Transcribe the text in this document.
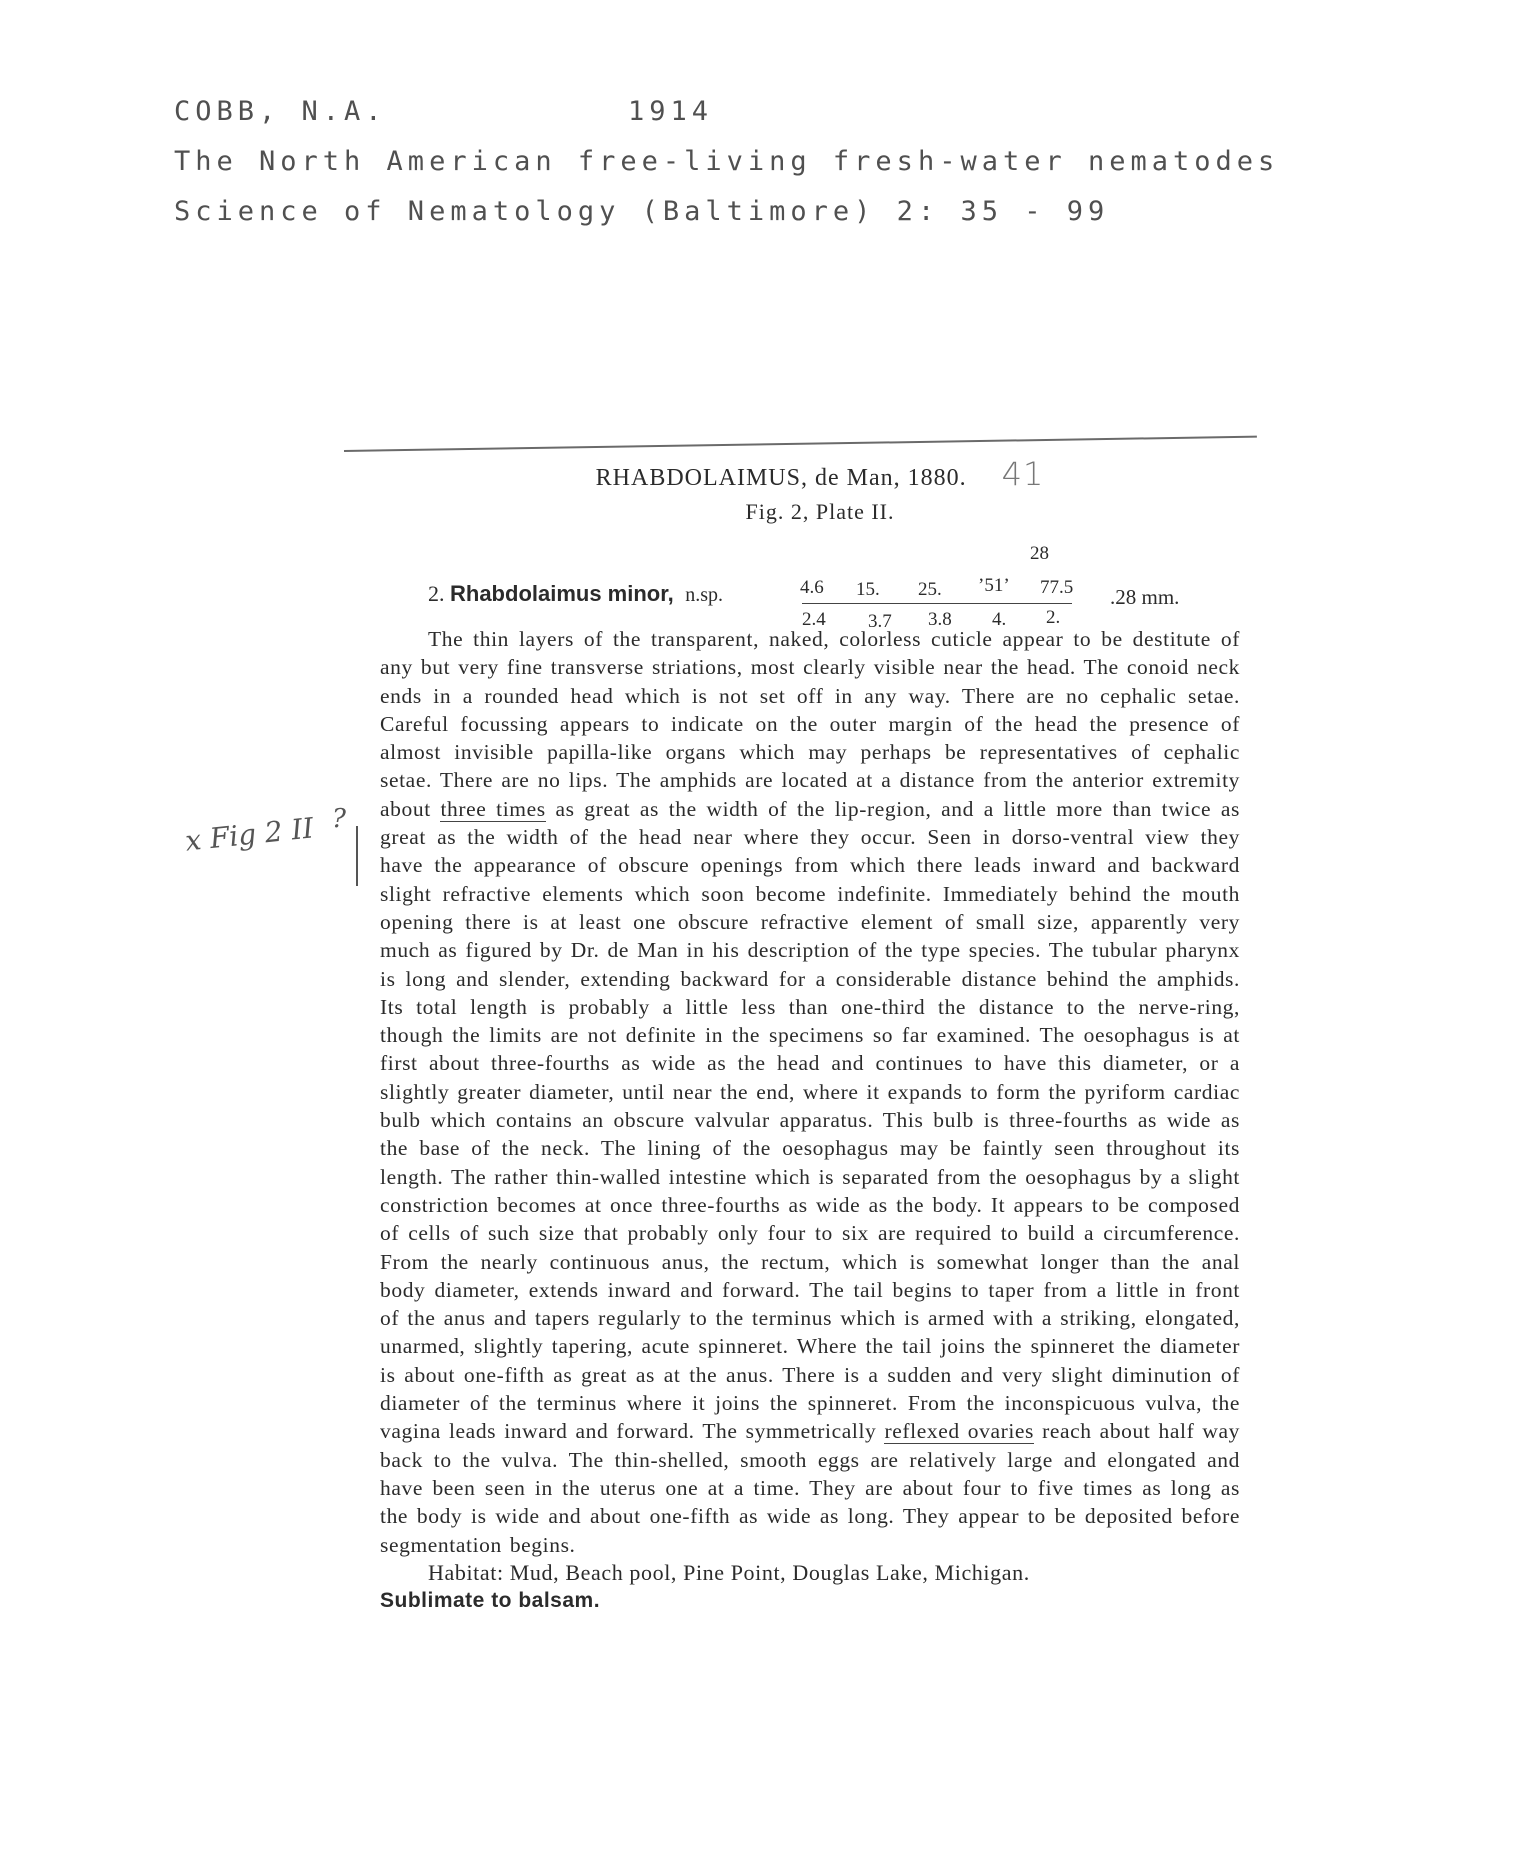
COBB, N.A.	1914
The North American free-living fresh-water nematodes
Science of Nematology (Baltimore) 2: 35 - 99
x Fig 2 II ?
RHABDOLAIMUS, de Man, 1880. 41
Fig. 2, Plate II.
2. Rhabdolaimus minor, n.sp.
28
4.6 15. 25. ’51’ 77.5
2.4 3.7 3.8 4. 2.
.28 mm.

The thin layers of the transparent, naked, colorless cuticle appear to be destitute of any but very fine transverse striations, most clearly visible near the head. The conoid neck ends in a rounded head which is not set off in any way. There are no cephalic setae. Careful focussing appears to indicate on the outer margin of the head the presence of almost invisible papilla-like organs which may perhaps be representatives of cephalic setae. There are no lips. The amphids are located at a distance from the anterior extremity about three times as great as the width of the lip-region, and a little more than twice as great as the width of the head near where they occur. Seen in dorso-ventral view they have the appearance of obscure openings from which there leads inward and backward slight refractive elements which soon become indefinite. Immediately behind the mouth opening there is at least one obscure refractive element of small size, apparently very much as figured by Dr. de Man in his description of the type species. The tubular pharynx is long and slender, extending backward for a considerable distance behind the amphids. Its total length is probably a little less than one-third the distance to the nerve-ring, though the limits are not definite in the specimens so far examined. The oesophagus is at first about three-fourths as wide as the head and continues to have this diameter, or a slightly greater diameter, until near the end, where it expands to form the pyriform cardiac bulb which contains an obscure valvular apparatus. This bulb is three-fourths as wide as the base of the neck. The lining of the oesophagus may be faintly seen throughout its length. The rather thin-walled intestine which is separated from the oesophagus by a slight constriction becomes at once three-fourths as wide as the body. It appears to be composed of cells of such size that probably only four to six are required to build a circumference. From the nearly continuous anus, the rectum, which is somewhat longer than the anal body diameter, extends inward and forward. The tail begins to taper from a little in front of the anus and tapers regularly to the terminus which is armed with a striking, elongated, unarmed, slightly tapering, acute spinneret. Where the tail joins the spinneret the diameter is about one-fifth as great as at the anus. There is a sudden and very slight diminution of diameter of the terminus where it joins the spinneret. From the inconspicuous vulva, the vagina leads inward and forward. The symmetrically reflexed ovaries reach about half way back to the vulva. The thin-shelled, smooth eggs are relatively large and elongated and have been seen in the uterus one at a time. They are about four to five times as long as the body is wide and about one-fifth as wide as long. They appear to be deposited before segmentation begins.

Habitat: Mud, Beach pool, Pine Point, Douglas Lake, Michigan.

Sublimate to balsam.
